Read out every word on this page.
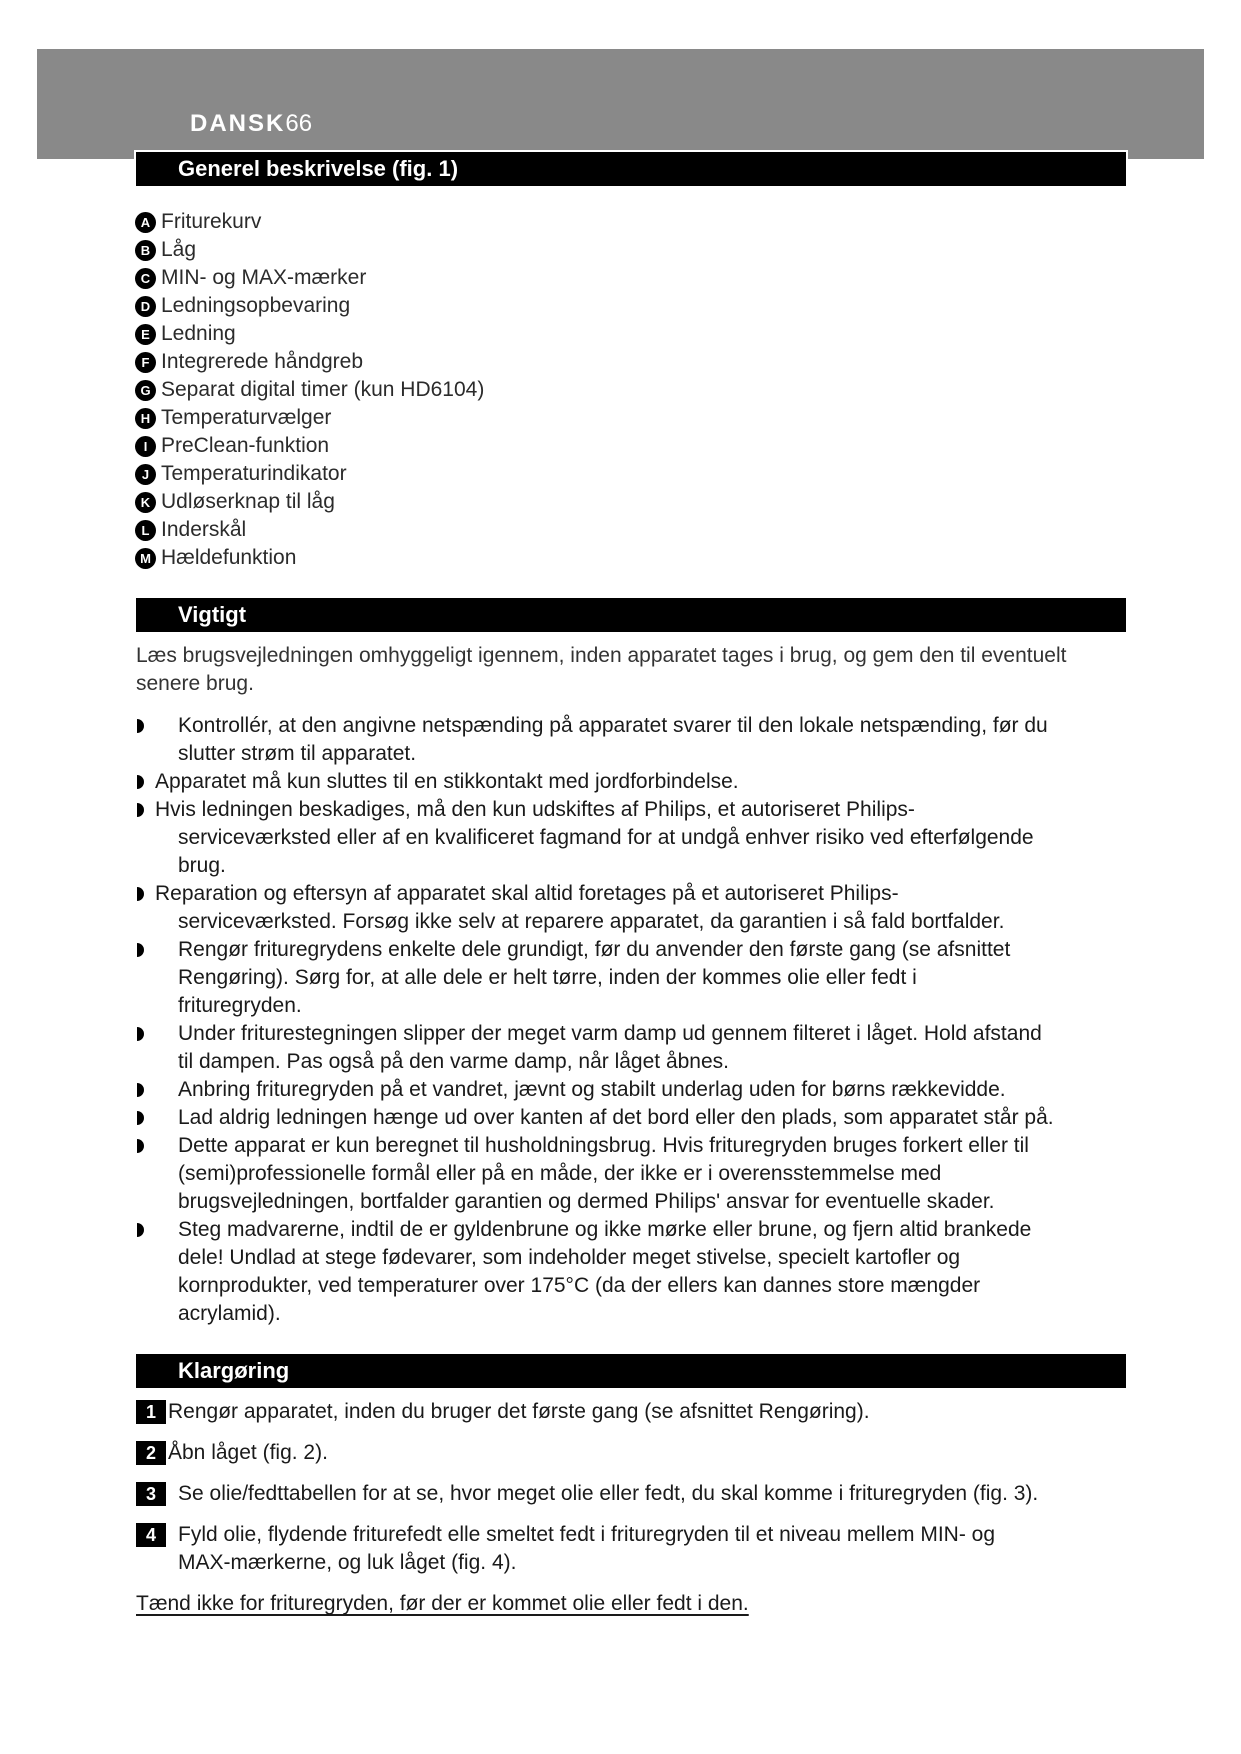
DANSK66
Generel beskrivelse (fig. 1)
A Friturekurv
B Låg
C MIN- og MAX-mærker
D Ledningsopbevaring
E Ledning
F Integrerede håndgreb
G Separat digital timer (kun HD6104)
H Temperaturvælger
I PreClean-funktion
J Temperaturindikator
K Udløserknap til låg
L Inderskål
M Hældefunktion
Vigtigt
Læs brugsvejledningen omhyggeligt igennem, inden apparatet tages i brug, og gem den til eventuelt
senere brug.
Kontrollér, at den angivne netspænding på apparatet svarer til den lokale netspænding, før du
slutter strøm til apparatet.
Apparatet må kun sluttes til en stikkontakt med jordforbindelse.
Hvis ledningen beskadiges, må den kun udskiftes af Philips, et autoriseret Philips-
serviceværksted eller af en kvalificeret fagmand for at undgå enhver risiko ved efterfølgende
brug.
Reparation og eftersyn af apparatet skal altid foretages på et autoriseret Philips-
serviceværksted. Forsøg ikke selv at reparere apparatet, da garantien i så fald bortfalder.
Rengør frituregrydens enkelte dele grundigt, før du anvender den første gang (se afsnittet
Rengøring). Sørg for, at alle dele er helt tørre, inden der kommes olie eller fedt i
frituregryden.
Under friturestegningen slipper der meget varm damp ud gennem filteret i låget. Hold afstand
til dampen. Pas også på den varme damp, når låget åbnes.
Anbring frituregryden på et vandret, jævnt og stabilt underlag uden for børns rækkevidde.
Lad aldrig ledningen hænge ud over kanten af det bord eller den plads, som apparatet står på.
Dette apparat er kun beregnet til husholdningsbrug. Hvis frituregryden bruges forkert eller til
(semi)professionelle formål eller på en måde, der ikke er i overensstemmelse med
brugsvejledningen, bortfalder garantien og dermed Philips' ansvar for eventuelle skader.
Steg madvarerne, indtil de er gyldenbrune og ikke mørke eller brune, og fjern altid brankede
dele! Undlad at stege fødevarer, som indeholder meget stivelse, specielt kartofler og
kornprodukter, ved temperaturer over 175°C (da der ellers kan dannes store mængder
acrylamid).
Klargøring
1 Rengør apparatet, inden du bruger det første gang (se afsnittet Rengøring).
2 Åbn låget (fig. 2).
3	Se olie/fedttabellen for at se, hvor meget olie eller fedt, du skal komme i frituregryden (fig. 3).
4	Fyld olie, flydende friturefedt elle smeltet fedt i frituregryden til et niveau mellem MIN- og
MAX-mærkerne, og luk låget (fig. 4).
Tænd ikke for frituregryden, før der er kommet olie eller fedt i den.
